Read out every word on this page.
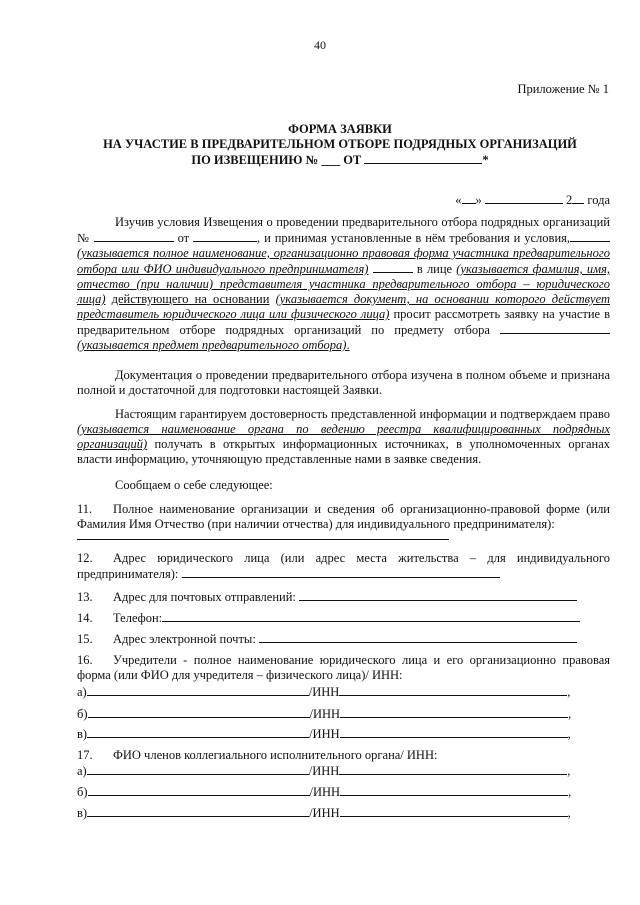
40
Приложение № 1
ФОРМА ЗАЯВКИ
НА УЧАСТИЕ В ПРЕДВАРИТЕЛЬНОМ ОТБОРЕ ПОДРЯДНЫХ ОРГАНИЗАЦИЙ
ПО ИЗВЕЩЕНИЮ № ___ ОТ	*
« »	2 года
Изучив условия Извещения о проведении предварительного отбора подрядных организаций №	от	, и принимая установленные в нём требования и условия, (указывается полное наименование, организационно правовая форма участника предварительного отбора или ФИО индивидуального предпринимателя)	в лице (указывается фамилия, имя, отчество (при наличии) представителя участника предварительного отбора – юридического лица) действующего на основании (указывается документ, на основании которого действует представитель юридического лица или физического лица) просит рассмотреть заявку на участие в предварительном отборе подрядных организаций по предмету отбора  (указывается предмет предварительного отбора).
Документация о проведении предварительного отбора изучена в полном объеме и признана полной и достаточной для подготовки настоящей Заявки.
Настоящим гарантируем достоверность представленной информации и подтверждаем право (указывается наименование органа по ведению реестра квалифицированных подрядных организаций) получать в открытых информационных источниках, в уполномоченных органах власти информацию, уточняющую представленные нами в заявке сведения.
Сообщаем о себе следующее:
11. Полное наименование организации и сведения об организационно-правовой форме (или Фамилия Имя Отчество (при наличии отчества) для индивидуального предпринимателя):
12. Адрес юридического лица (или адрес места жительства – для индивидуального предпринимателя):
13. Адрес для почтовых отправлений:
14. Телефон:
15. Адрес электронной почты:
16. Учредители - полное наименование юридического лица и его организационно правовая форма (или ФИО для учредителя – физического лица)/ ИНН:
а)	/ИНН	,
б)	/ИНН	,
в)	/ИНН	,
17. ФИО членов коллегиального исполнительного органа/ ИНН:
а)	/ИНН	,
б)	/ИНН	,
в)	/ИНН	,
